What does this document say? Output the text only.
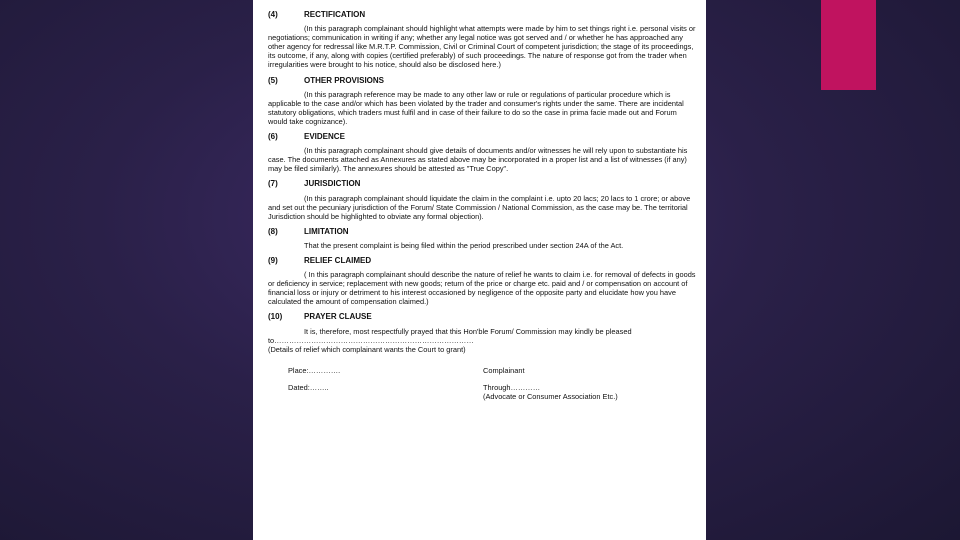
(4)	RECTIFICATION
(In this paragraph complainant should highlight what attempts were made by him to set things right i.e. personal visits or negotiations; communication in writing if any; whether any legal notice was got served and / or whether he has approached any other agency for redressal like M.R.T.P. Commission, Civil or Criminal Court of competent jurisdiction; the stage of its proceedings, its outcome, if any, along with copies (certified preferably) of such proceedings. The nature of response got from the trader when irregularities were brought to his notice, should also be disclosed here.)
(5)	OTHER PROVISIONS
(In this paragraph reference may be made to any other law or rule or regulations of particular procedure which is applicable to the case and/or which has been violated by the trader and consumer's rights under the same. There are incidental statutory obligations, which traders must fulfil and in case of their failure to do so the case in prima facie made out and Forum would take cognizance).
(6)	EVIDENCE
(In this paragraph complainant should give details of documents and/or witnesses he will rely upon to substantiate his case. The documents attached as Annexures as stated above may be incorporated in a proper list and a list of witnesses (if any) may be filed similarly). The annexures should be attested as "True Copy".
(7)	JURISDICTION
(In this paragraph complainant should liquidate the claim in the complaint i.e. upto 20 lacs; 20 lacs to 1 crore; or above and set out the pecuniary jurisdiction of the Forum/ State Commission / National Commission, as the case may be. The territorial Jurisdiction should be highlighted to obviate any formal objection).
(8)	LIMITATION
That the present complaint is being filed within the period prescribed under section 24A of the Act.
(9)	RELIEF CLAIMED
( In this paragraph complainant should describe the nature of relief he wants to claim i.e. for removal of defects in goods or deficiency in service; replacement with new goods; return of the price or charge etc. paid and / or compensation on account of financial loss or injury or detriment to his interest occasioned by negligence of the opposite party and elucidate how you have calculated the amount of compensation claimed.)
(10)	PRAYER CLAUSE
It is, therefore, most respectfully prayed that this Hon'ble Forum/ Commission may kindly be pleased to………………………………………………………………………
(Details of relief which complainant wants the Court to grant)
Place:………….
Dated:……..
Complainant
Through…………
(Advocate or Consumer Association Etc.)
